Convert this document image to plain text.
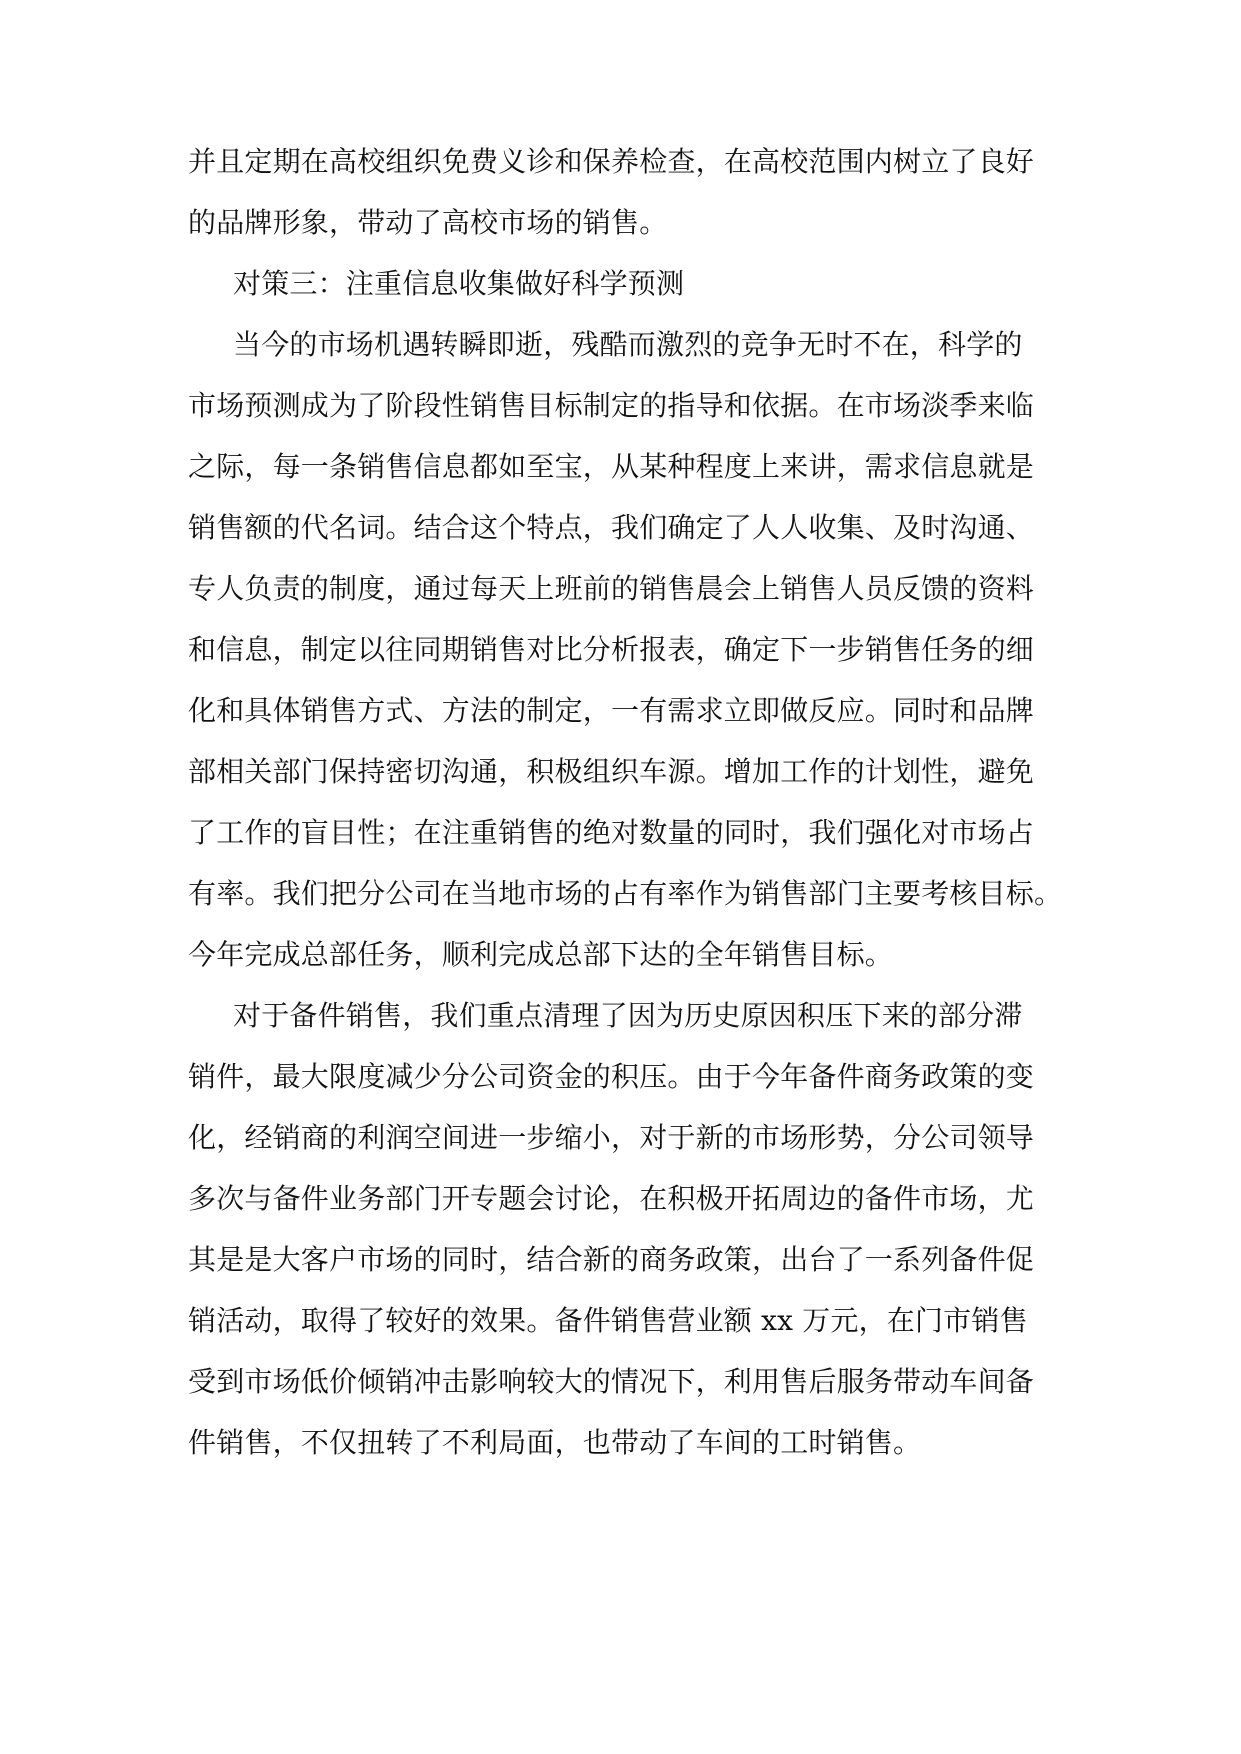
并且定期在高校组织免费义诊和保养检查，在高校范围内树立了良好

的品牌形象，带动了高校市场的销售。

对策三：注重信息收集做好科学预测

当今的市场机遇转瞬即逝，残酷而激烈的竞争无时不在，科学的

市场预测成为了阶段性销售目标制定的指导和依据。在市场淡季来临

之际，每一条销售信息都如至宝，从某种程度上来讲，需求信息就是

销售额的代名词。结合这个特点，我们确定了人人收集、及时沟通、

专人负责的制度，通过每天上班前的销售晨会上销售人员反馈的资料

和信息，制定以往同期销售对比分析报表，确定下一步销售任务的细

化和具体销售方式、方法的制定，一有需求立即做反应。同时和品牌

部相关部门保持密切沟通，积极组织车源。增加工作的计划性，避免

了工作的盲目性；在注重销售的绝对数量的同时，我们强化对市场占

有率。我们把分公司在当地市场的占有率作为销售部门主要考核目标。

今年完成总部任务，顺利完成总部下达的全年销售目标。

对于备件销售，我们重点清理了因为历史原因积压下来的部分滞

销件，最大限度减少分公司资金的积压。由于今年备件商务政策的变

化，经销商的利润空间进一步缩小，对于新的市场形势，分公司领导

多次与备件业务部门开专题会讨论，在积极开拓周边的备件市场，尤

其是是大客户市场的同时，结合新的商务政策，出台了一系列备件促

销活动，取得了较好的效果。备件销售营业额 xx 万元，在门市销售

受到市场低价倾销冲击影响较大的情况下，利用售后服务带动车间备

件销售，不仅扭转了不利局面，也带动了车间的工时销售。
